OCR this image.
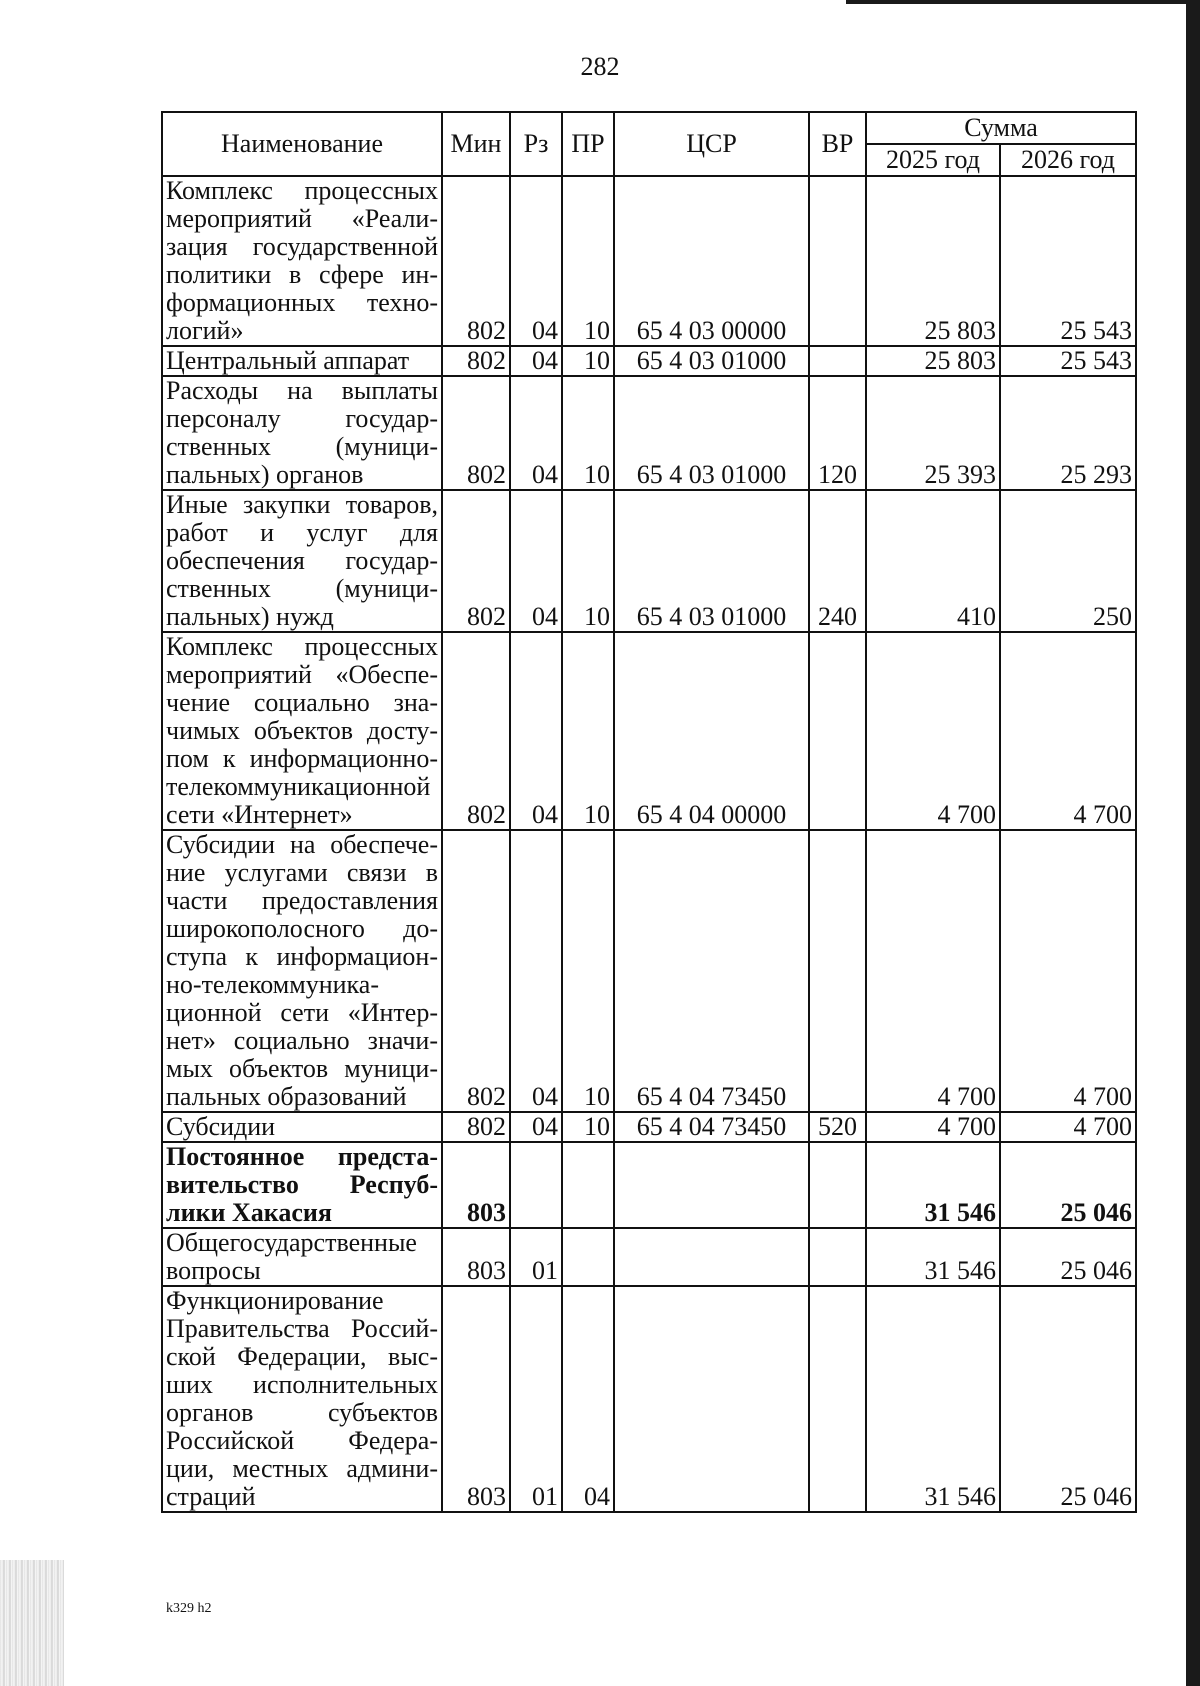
282
Наименование	Мин	Рз	ПР	ЦСР	ВР	Сумма	
						2025 год	2026 год
Комплекс процессных мероприятий «Реали-зация государственной политики в сфере ин-формационных техно-логий»	802	04	10	65 4 03 00000		25 803	25 543
Центральный аппарат	802	04	10	65 4 03 01000		25 803	25 543
Расходы на выплаты персоналу государ-ственных (муници-пальных) органов	802	04	10	65 4 03 01000	120	25 393	25 293
Иные закупки товаров, работ и услуг для обеспечения государ-ственных (муници-пальных) нужд	802	04	10	65 4 03 01000	240	410	250
Комплекс процессных мероприятий «Обеспе-чение социально зна-чимых объектов досту-пом к информационно-телекоммуникационной сети «Интернет»	802	04	10	65 4 04 00000		4 700	4 700
Субсидии на обеспече-ние услугами связи в части предоставления широкополосного до-ступа к информацион-но-телекоммуника-ционной сети «Интер-нет» социально значи-мых объектов муници-пальных образований	802	04	10	65 4 04 73450		4 700	4 700
Субсидии	802	04	10	65 4 04 73450	520	4 700	4 700
Постоянное предста-вительство Респуб-лики Хакасия	803					31 546	25 046
Общегосударственные вопросы	803	01				31 546	25 046
Функционирование Правительства Россий-ской Федерации, выс-ших исполнительных органов субъектов Российской Федера-ции, местных админи-страций	803	01	04			31 546	25 046
k329 h2
